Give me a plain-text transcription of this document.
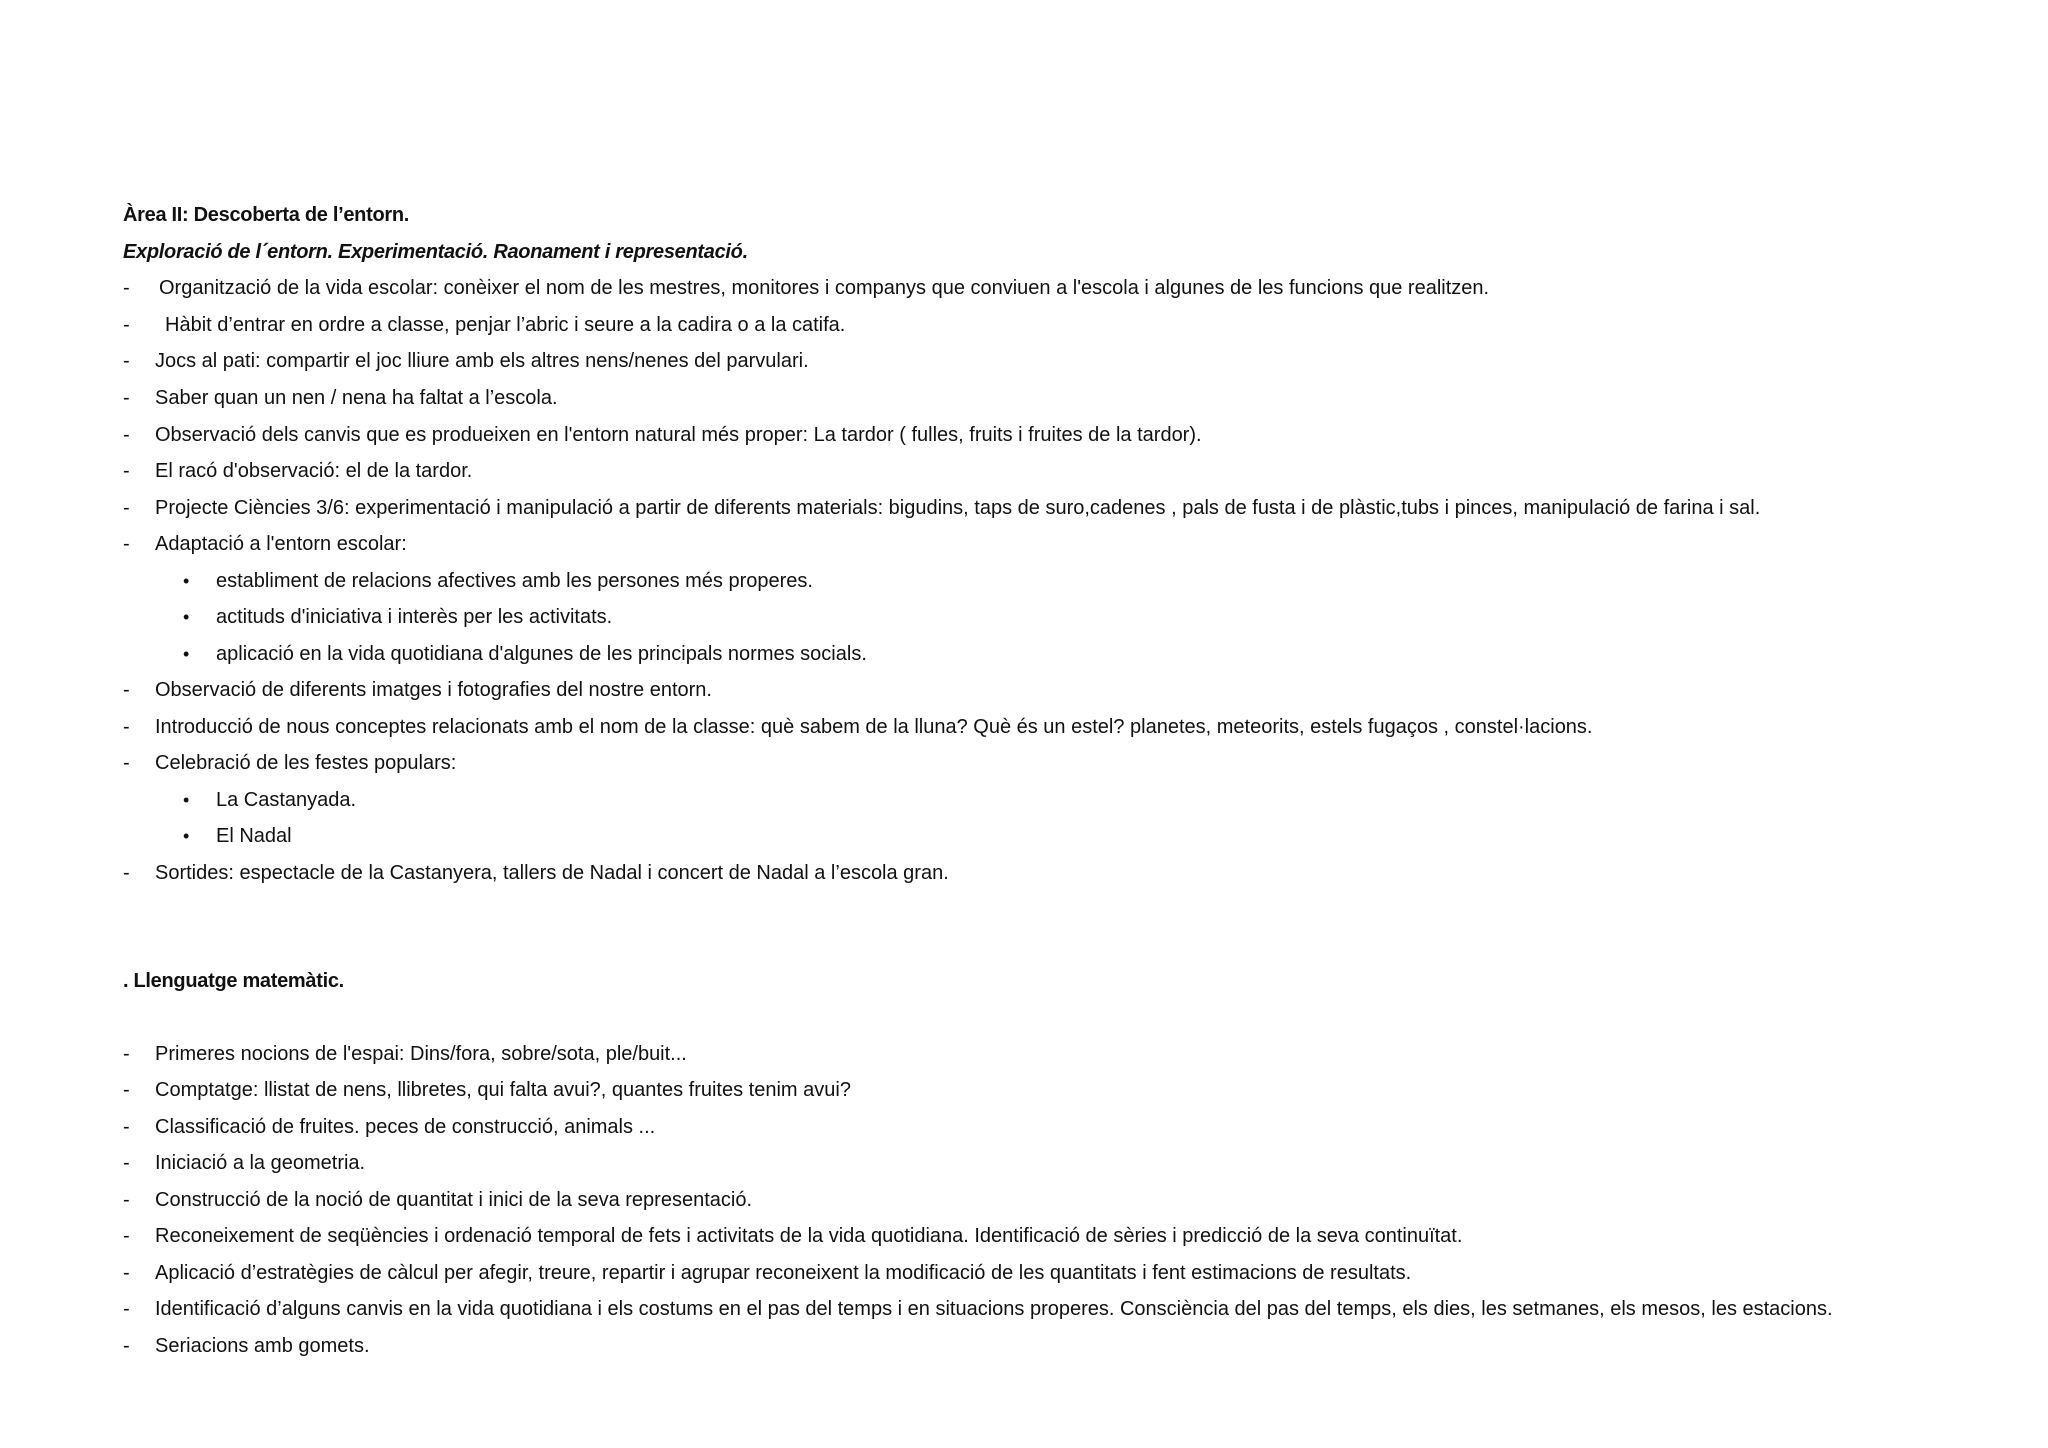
Àrea II: Descoberta de l’entorn.
Exploració de l´entorn. Experimentació. Raonament i representació.
- Organització de la vida escolar: conèixer el nom de les mestres, monitores i companys que conviuen a l'escola i algunes de les funcions que realitzen.
- Hàbit d’entrar en ordre a classe, penjar l’abric i seure a la cadira o a la catifa.
- Jocs al pati: compartir el joc lliure amb els altres nens/nenes del parvulari.
- Saber quan un nen / nena ha faltat a l’escola.
- Observació dels canvis que es produeixen en l'entorn natural més proper: La tardor ( fulles, fruits i fruites de la tardor).
- El racó d'observació: el de la tardor.
- Projecte Ciències 3/6: experimentació i manipulació a partir de diferents materials: bigudins, taps de suro,cadenes , pals de fusta i de plàstic,tubs i pinces, manipulació de farina i sal.
- Adaptació a l'entorn escolar:
• establiment de relacions afectives amb les persones més properes.
• actituds d'iniciativa i interès per les activitats.
• aplicació en la vida quotidiana d'algunes de les principals normes socials.
- Observació de diferents imatges i fotografies del nostre entorn.
- Introducció de nous conceptes relacionats amb el nom de la classe: què sabem de la lluna? Què és un estel? planetes, meteorits, estels fugaços , constel·lacions.
- Celebració de les festes populars:
• La Castanyada.
• El Nadal
- Sortides: espectacle de la Castanyera, tallers de Nadal i concert de Nadal a l’escola gran.
. Llenguatge matemàtic.
- Primeres nocions de l'espai: Dins/fora, sobre/sota, ple/buit...
- Comptatge: llistat de nens, llibretes, qui falta avui?, quantes fruites tenim avui?
- Classificació de fruites. peces de construcció, animals ...
- Iniciació a la geometria.
- Construcció de la noció de quantitat i inici de la seva representació.
- Reconeixement de seqüències i ordenació temporal de fets i activitats de la vida quotidiana. Identificació de sèries i predicció de la seva continuïtat.
- Aplicació d’estratègies de càlcul per afegir, treure, repartir i agrupar reconeixent la modificació de les quantitats i fent estimacions de resultats.
- Identificació d’alguns canvis en la vida quotidiana i els costums en el pas del temps i en situacions properes. Consciència del pas del temps, els dies, les setmanes, els mesos, les estacions.
- Seriacions amb gomets.
